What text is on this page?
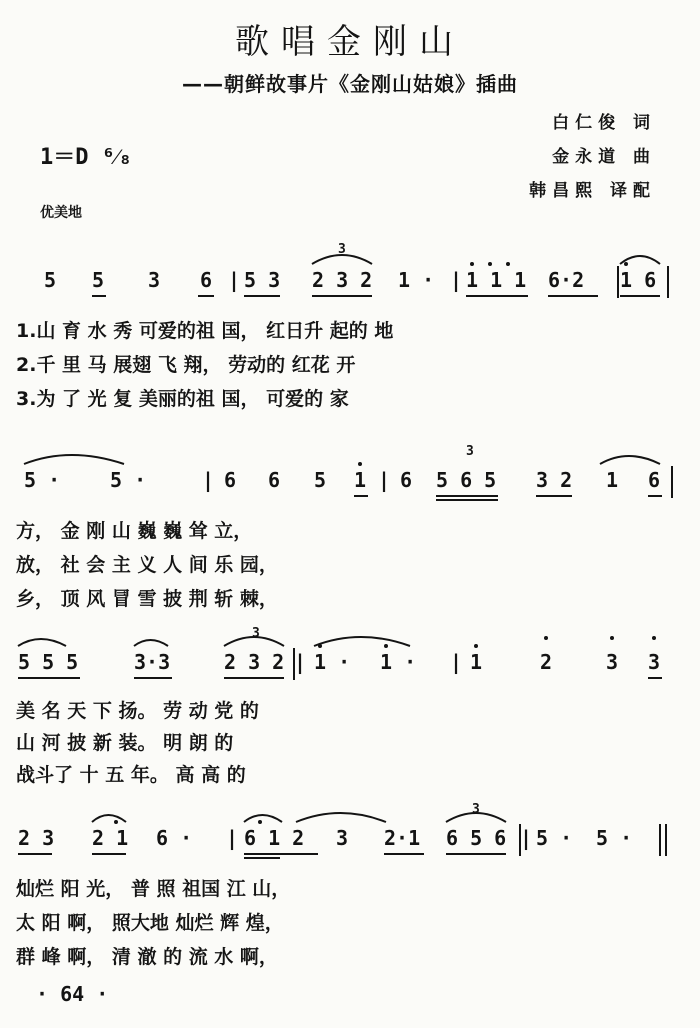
歌唱金刚山
——朝鲜故事片《金刚山姑娘》插曲
白仁俊 词
金永道 曲
韩昌熙 译配
1＝D ⁶⁄₈
优美地
5 5 3 6 | 5 3 2 3 2 1 · | 1 1 1 6·2 1 6
3
1.山 育 水 秀 可爱的祖 国， 红日升 起的 地
2.千 里 马 展翅 飞 翔， 劳动的 红花 开
3.为 了 光 复 美丽的祖 国， 可爱的 家
5 · 5 ·	| 6 6 5 1 | 6 5 6 5 3 2 1 6
3
方， 金 刚 山 巍 巍 耸 立，
放， 社 会 主 义 人 间 乐 园，
乡， 顶 风 冒 雪 披 荆 斩 棘，
5 5 5	3·3	2 3 2 | 1 · 1 · | 1	2	3 3
3
美 名 天 下 扬。 劳 动 党 的
山 河 披 新 装。 明 朗 的
战斗了 十 五 年。 高 高 的
2 3 2 1 6 · | 6 1 2 3 2·1 6 5 6 | 5 · 5 ·
3
灿烂 阳 光， 普 照 祖国 江 山，
太 阳 啊， 照大地 灿烂 辉 煌，
群 峰 啊， 清 澈 的 流 水 啊，
· 64 ·
